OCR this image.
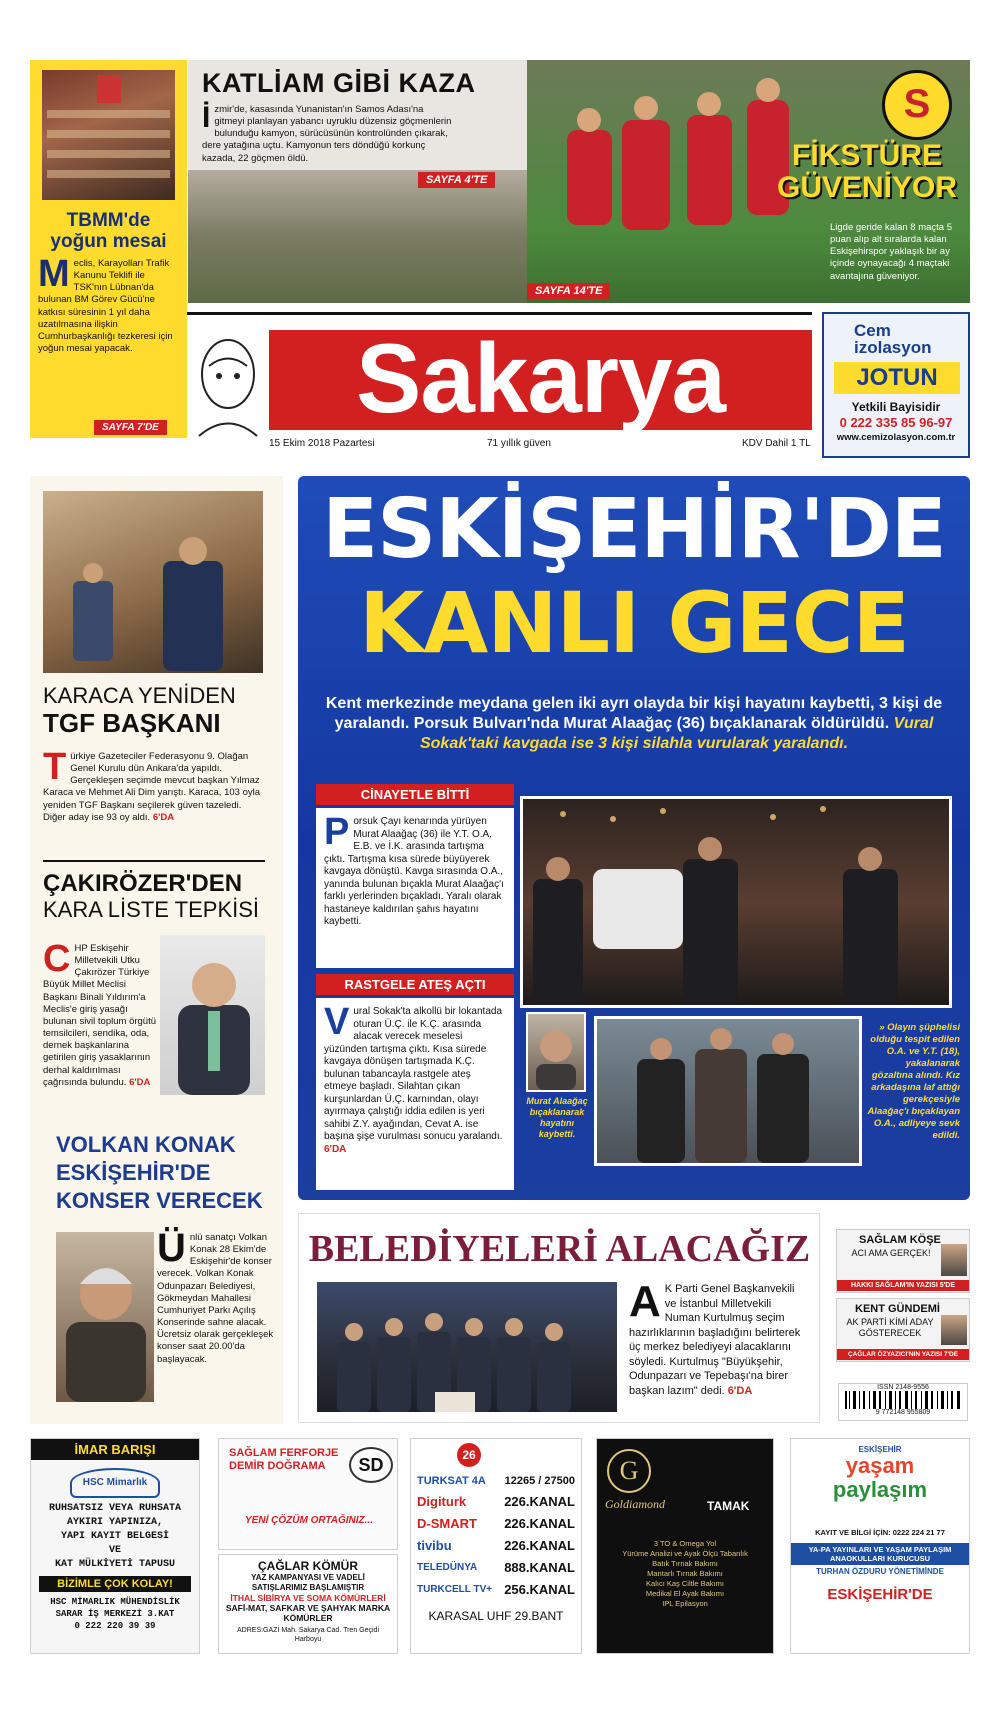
TBMM'de yoğun mesai
Meclis, Karayolları Trafik Kanunu Teklifi ile TSK'nın Lübnan'da bulunan BM Görev Gücü'ne katkısı süresinin 1 yıl daha uzatılmasına ilişkin Cumhurbaşkanlığı tezkeresi için yoğun mesai yapacak.
SAYFA 7'DE
KATLİAM GİBİ KAZA
İzmir'de, kasasında Yunanistan'ın Samos Adası'na gitmeyi planlayan yabancı uyruklu düzensiz göçmenlerin bulunduğu kamyon, sürücüsünün kontrolünden çıkarak, dere yatağına uçtu. Kamyonun ters döndüğü korkunç kazada, 22 göçmen öldü.
SAYFA 4'TE
S
FİKSTÜRE
GÜVENİYOR
Ligde geride kalan 8 maçta 5 puan alıp alt sıralarda kalan Eskişehirspor yaklaşık bir ay içinde oynayacağı 4 maçtaki avantajına güveniyor.
SAYFA 14'TE
Sakarya
15 Ekim 2018 Pazartesi	71 yıllık güven	KDV Dahil 1 TL
Cem
izolasyon
JOTUN
Yetkili Bayisidir
0 222 335 85 96-97
www.cemizolasyon.com.tr
KARACA YENİDEN
TGF BAŞKANI
Türkiye Gazeteciler Federasyonu 9. Olağan Genel Kurulu dün Ankara'da yapıldı. Gerçekleşen seçimde mevcut başkan Yılmaz Karaca ve Mehmet Ali Dim yarıştı. Karaca, 103 oyla yeniden TGF Başkanı seçilerek güven tazeledi. Diğer aday ise 93 oy aldı. 6'DA
ÇAKIRÖZER'DEN
KARA LİSTE TEPKİSİ
CHP Eskişehir Milletvekili Utku Çakırözer Türkiye Büyük Millet Meclisi Başkanı Binali Yıldırım'a Meclis'e giriş yasağı bulunan sivil toplum örgütü temsilcileri, sendika, oda, dernek başkanlarına getirilen giriş yasaklarının derhal kaldırılması çağrısında bulundu. 6'DA
VOLKAN KONAK
ESKİŞEHİR'DE
KONSER VERECEK
Ünlü sanatçı Volkan Konak 28 Ekim'de Eskişehir'de konser verecek. Volkan Konak Odunpazarı Belediyesi, Gökmeydan Mahallesi Cumhuriyet Parkı Açılış Konserinde sahne alacak. Ücretsiz olarak gerçekleşek konser saat 20.00'da başlayacak.
ESKİŞEHİR'DE
KANLI GECE
Kent merkezinde meydana gelen iki ayrı olayda bir kişi hayatını kaybetti, 3 kişi de yaralandı. Porsuk Bulvarı'nda Murat Alaağaç (36) bıçaklanarak öldürüldü. Vural Sokak'taki kavgada ise 3 kişi silahla vurularak yaralandı.
CİNAYETLE BİTTİ
Porsuk Çayı kenarında yürüyen Murat Alaağaç (36) ile Y.T. O.A, E.B. ve İ.K. arasında tartışma çıktı. Tartışma kısa sürede büyüyerek kavgaya dönüştü. Kavga sırasında O.A., yanında bulunan bıçakla Murat Alaağaç'ı farklı yerlerinden bıçakladı. Yaralı olarak hastaneye kaldırılan şahıs hayatını kaybetti.
RASTGELE ATEŞ AÇTI
Vural Sokak'ta alkollü bir lokantada oturan Ü.Ç. ile K.Ç. arasında alacak verecek meselesi yüzünden tartışma çıktı. Kısa sürede kavgaya dönüşen tartışmada K.Ç. bulunan tabancayla rastgele ateş etmeye başladı. Silahtan çıkan kurşunlardan Ü.Ç. karnından, olayı ayırmaya çalıştığı iddia edilen is yeri sahibi Z.Y. ayağından, Cevat A. ise başına şişe vurulması sonucu yaralandı. 6'DA
Murat Alaağaç bıçaklanarak hayatını kaybetti.
» Olayın şüphelisi olduğu tespit edilen O.A. ve Y.T. (18), yakalanarak gözaltına alındı. Kız arkadaşına laf attığı gerekçesiyle Alaağaç'ı bıçaklayan O.A., adliyeye sevk edildi.
BELEDİYELERİ ALACAĞIZ
A K Parti Genel Başkanvekili ve İstanbul Milletvekili Numan Kurtulmuş seçim hazırlıklarının başladığını belirterek üç merkez belediyeyi alacaklarını söyledi. Kurtulmuş "Büyükşehir, Odunpazarı ve Tepebaşı'na birer başkan lazım" dedi. 6'DA
SAĞLAM KÖŞE
ACI AMA GERÇEK!
HAKKI SAĞLAM'IN YAZISI 5'DE
KENT GÜNDEMİ
AK PARTİ KİMİ ADAY GÖSTERECEK
ÇAĞLAR ÖZYAZICI'NIN YAZISI 7'DE
ISSN 2148-9556
9 772148 955809
İMAR BARIŞI
HSC Mimarlık
RUHSATSIZ VEYA RUHSATA
AYKIRI YAPINIZA,
YAPI KAYIT BELGESİ
VE
KAT MÜLKİYETİ TAPUSU
BİZİMLE ÇOK KOLAY!
HSC MİMARLIK MÜHENDİSLİK
SARAR İŞ MERKEZİ 3.KAT
0 222 220 39 39
SAĞLAM FERFORJE DEMİR DOĞRAMA	SD
YENİ ÇÖZÜM ORTAĞINIZ...
ÇAĞLAR KÖMÜR
YAZ KAMPANYASI VE VADELİ SATIŞLARIMIZ BAŞLAMIŞTIR
İTHAL SİBİRYA VE SOMA KÖMÜRLERİ
SAFİ-MAT, SAFKAR VE ŞAHYAK MARKA KÖMÜRLER
ADRES:GAZİ Mah. Sakarya Cad. Tren Geçidi Harboyu
26
TURKSAT 4A 12265 / 27500
Digiturk	226.KANAL
D-SMART 226.KANAL
tivibu	226.KANAL
TELEDÜNYA 888.KANAL
TURKCELL TV+ 256.KANAL
KARASAL UHF 29.BANT
G
Goldiamond	TAMAK
3 TO & Omega Yol
Yürüme Analizi ve Ayak Ölçü Tabanlık
Batık Tırnak Bakımı
Mantarlı Tırnak Bakımı
Kalıcı Kaş Ciltle Bakımı
Medikal El Ayak Bakımı
IPL Epilasyon
ESKİŞEHİR
yaşam
paylaşım
KAYIT VE BİLGİ İÇİN: 0222 224 21 77
YA-PA YAYINLARI VE YAŞAM PAYLAŞIM ANAOKULLARI KURUCUSU
TURHAN ÖZDURU YÖNETİMİNDE
ESKİŞEHİR'DE
